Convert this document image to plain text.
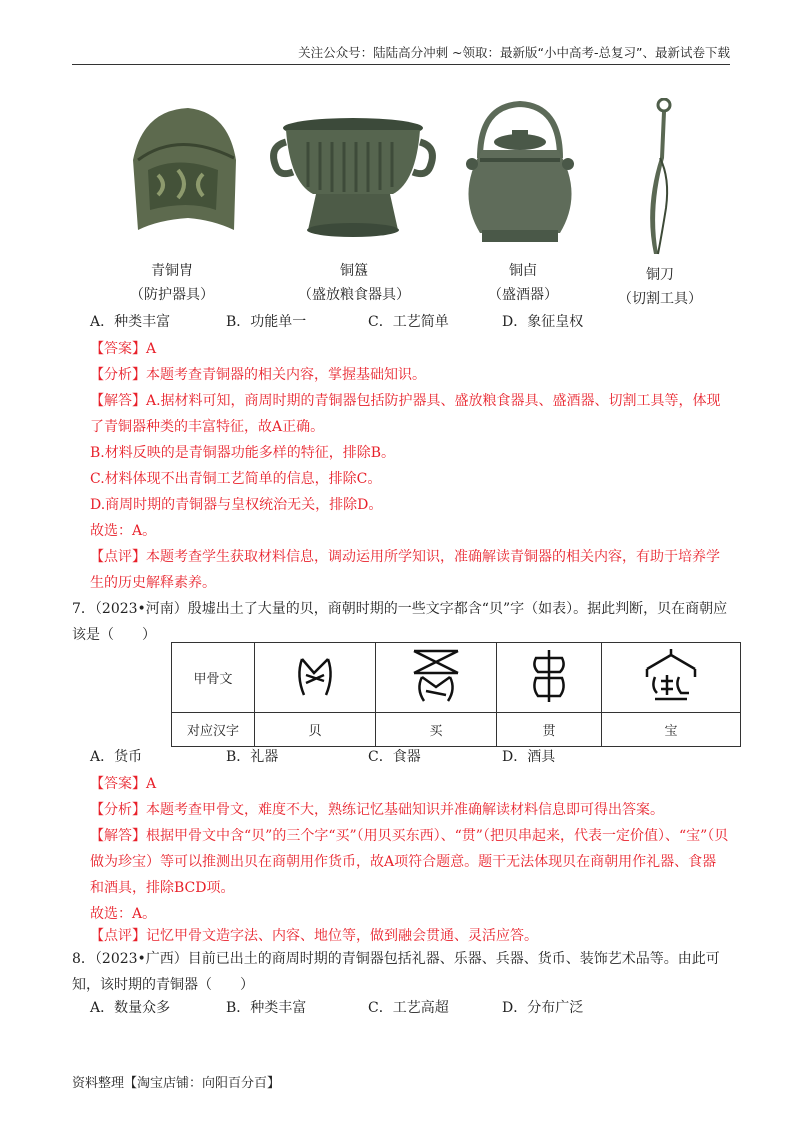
关注公众号：陆陆高分冲刺 ~领取：最新版“小中高考-总复习”、最新试卷下载
青铜胄
（防护器具）
铜簋
（盛放粮食器具）
铜卣
（盛酒器）
铜刀
（切割工具）
A．种类丰富	B．功能单一	C．工艺简单	D．象征皇权
【答案】A
【分析】本题考查青铜器的相关内容，掌握基础知识。
【解答】A.据材料可知，商周时期的青铜器包括防护器具、盛放粮食器具、盛酒器、切割工具等，体现了青铜器种类的丰富特征，故A正确。
B.材料反映的是青铜器功能多样的特征，排除B。
C.材料体现不出青铜工艺简单的信息，排除C。
D.商周时期的青铜器与皇权统治无关，排除D。
故选：A。
【点评】本题考查学生获取材料信息，调动运用所学知识，准确解读青铜器的相关内容，有助于培养学生的历史解释素养。
7．（2023•河南）殷墟出土了大量的贝，商朝时期的一些文字都含“贝”字（如表）。据此判断，贝在商朝应该是（　　）
甲骨文				
对应汉字	贝	买	贯	宝
A．货币	B．礼器	C．食器	D．酒具
【答案】A
【分析】本题考查甲骨文，难度不大，熟练记忆基础知识并准确解读材料信息即可得出答案。
【解答】根据甲骨文中含“贝”的三个字“买”（用贝买东西）、“贯”（把贝串起来，代表一定价值）、“宝”（贝做为珍宝）等可以推测出贝在商朝用作货币，故A项符合题意。题干无法体现贝在商朝用作礼器、食器和酒具，排除BCD项。
故选：A。
【点评】记忆甲骨文造字法、内容、地位等，做到融会贯通、灵活应答。
8．（2023•广西）目前已出土的商周时期的青铜器包括礼器、乐器、兵器、货币、装饰艺术品等。由此可知，该时期的青铜器（　　）
A．数量众多	B．种类丰富	C．工艺高超	D．分布广泛
资料整理【淘宝店铺：向阳百分百】
